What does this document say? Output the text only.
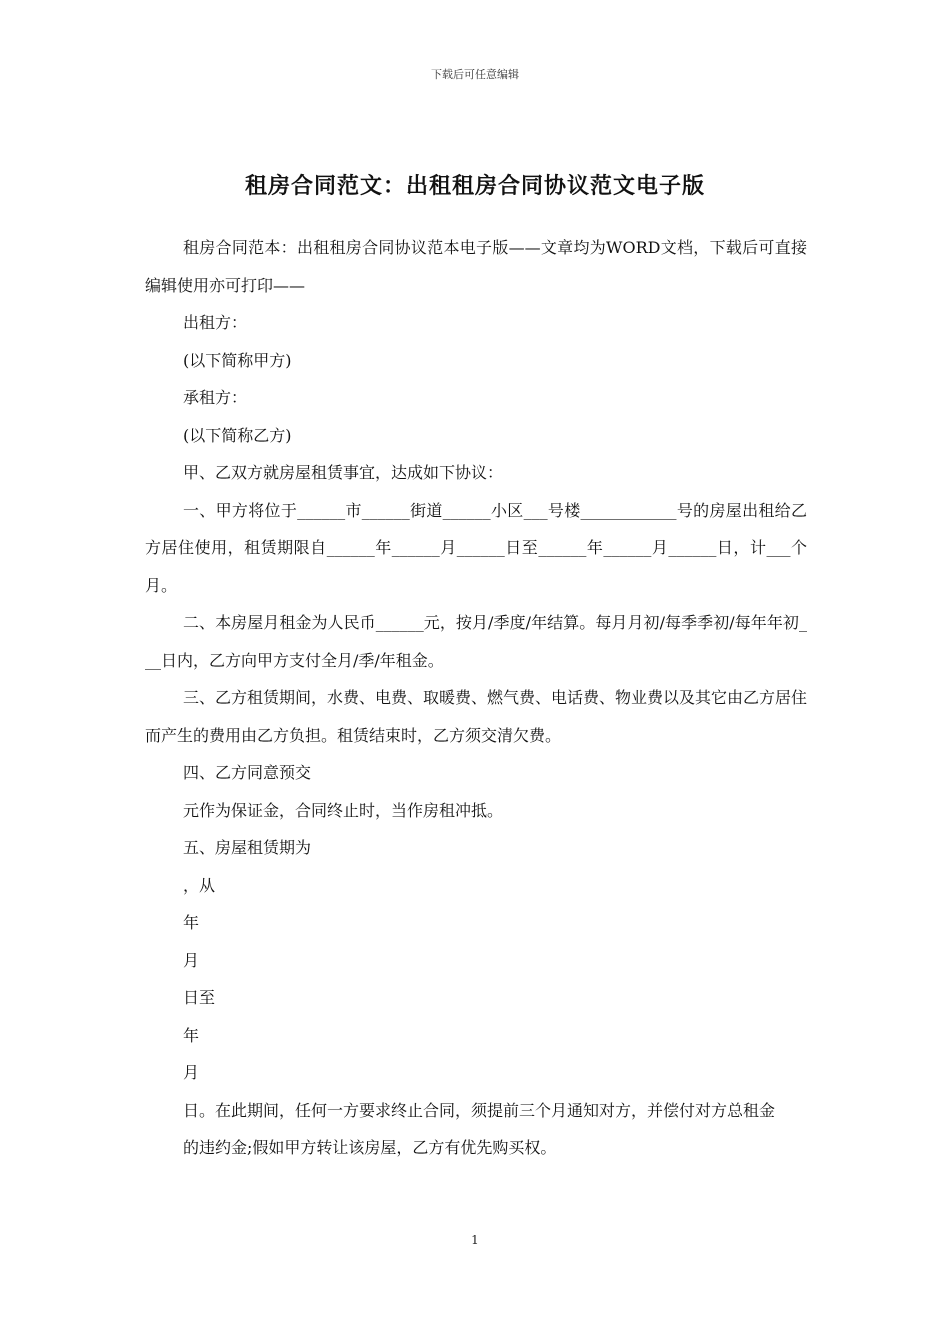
下载后可任意编辑
租房合同范文：出租租房合同协议范文电子版

租房合同范本：出租租房合同协议范本电子版——文章均为WORD文档，下载后可直接编辑使用亦可打印——

出租方：

(以下简称甲方)

承租方：

(以下简称乙方)

甲、乙双方就房屋租赁事宜，达成如下协议：

一、甲方将位于______市______街道______小区___号楼____________号的房屋出租给乙方居住使用，租赁期限自______年______月______日至______年______月______日，计___个月。

二、本房屋月租金为人民币______元，按月/季度/年结算。每月月初/每季季初/每年年初___日内，乙方向甲方支付全月/季/年租金。

三、乙方租赁期间，水费、电费、取暖费、燃气费、电话费、物业费以及其它由乙方居住而产生的费用由乙方负担。租赁结束时，乙方须交清欠费。

四、乙方同意预交

元作为保证金，合同终止时，当作房租冲抵。

五、房屋租赁期为

，从

年

月

日至

年

月

日。在此期间，任何一方要求终止合同，须提前三个月通知对方，并偿付对方总租金

的违约金;假如甲方转让该房屋，乙方有优先购买权。

1
